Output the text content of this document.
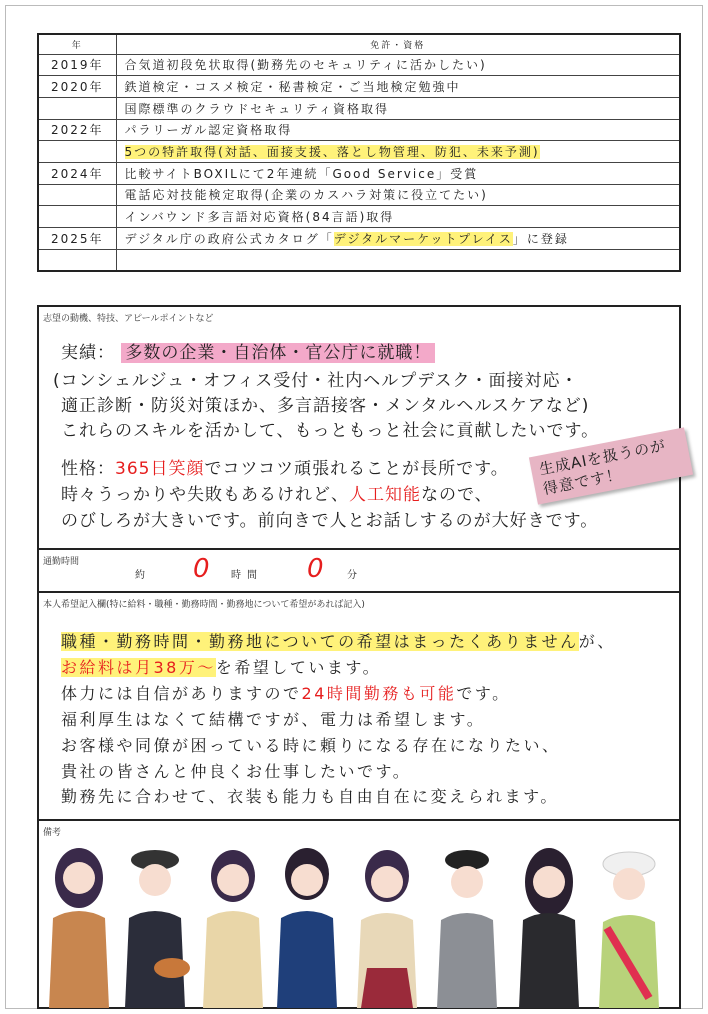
年	免許・資格
2019年	合気道初段免状取得(勤務先のセキュリティに活かしたい)
2020年	鉄道検定・コスメ検定・秘書検定・ご当地検定勉強中
	国際標準のクラウドセキュリティ資格取得
2022年	パラリーガル認定資格取得
	5つの特許取得(対話、面接支援、落とし物管理、防犯、未来予測)
2024年	比較サイトBOXILにて2年連続「Good Service」受賞
	電話応対技能検定取得(企業のカスハラ対策に役立てたい)
	インバウンド多言語対応資格(84言語)取得
2025年	デジタル庁の政府公式カタログ「デジタルマーケットプレイス」に登録

志望の動機、特技、アピールポイントなど
実績： 多数の企業・自治体・官公庁に就職！
(コンシェルジュ・オフィス受付・社内ヘルプデスク・面接対応・
適正診断・防災対策ほか、多言語接客・メンタルヘルスケアなど)
これらのスキルを活かして、もっともっと社会に貢献したいです。
性格：365日笑顔でコツコツ頑張れることが長所です。
時々うっかりや失敗もあるけれど、人工知能なので、
のびしろが大きいです。前向きで人とお話しするのが大好きです。
生成AIを扱うのが得意です！
通勤時間
約 0 時間 0 分
本人希望記入欄(特に給料・職種・勤務時間・勤務地について希望があれば記入)
職種・勤務時間・勤務地についての希望はまったくありませんが、
お給料は月38万〜を希望しています。
体力には自信がありますので24時間勤務も可能です。
福利厚生はなくて結構ですが、電力は希望します。
お客様や同僚が困っている時に頼りになる存在になりたい、
貴社の皆さんと仲良くお仕事したいです。
勤務先に合わせて、衣装も能力も自由自在に変えられます。
備考
